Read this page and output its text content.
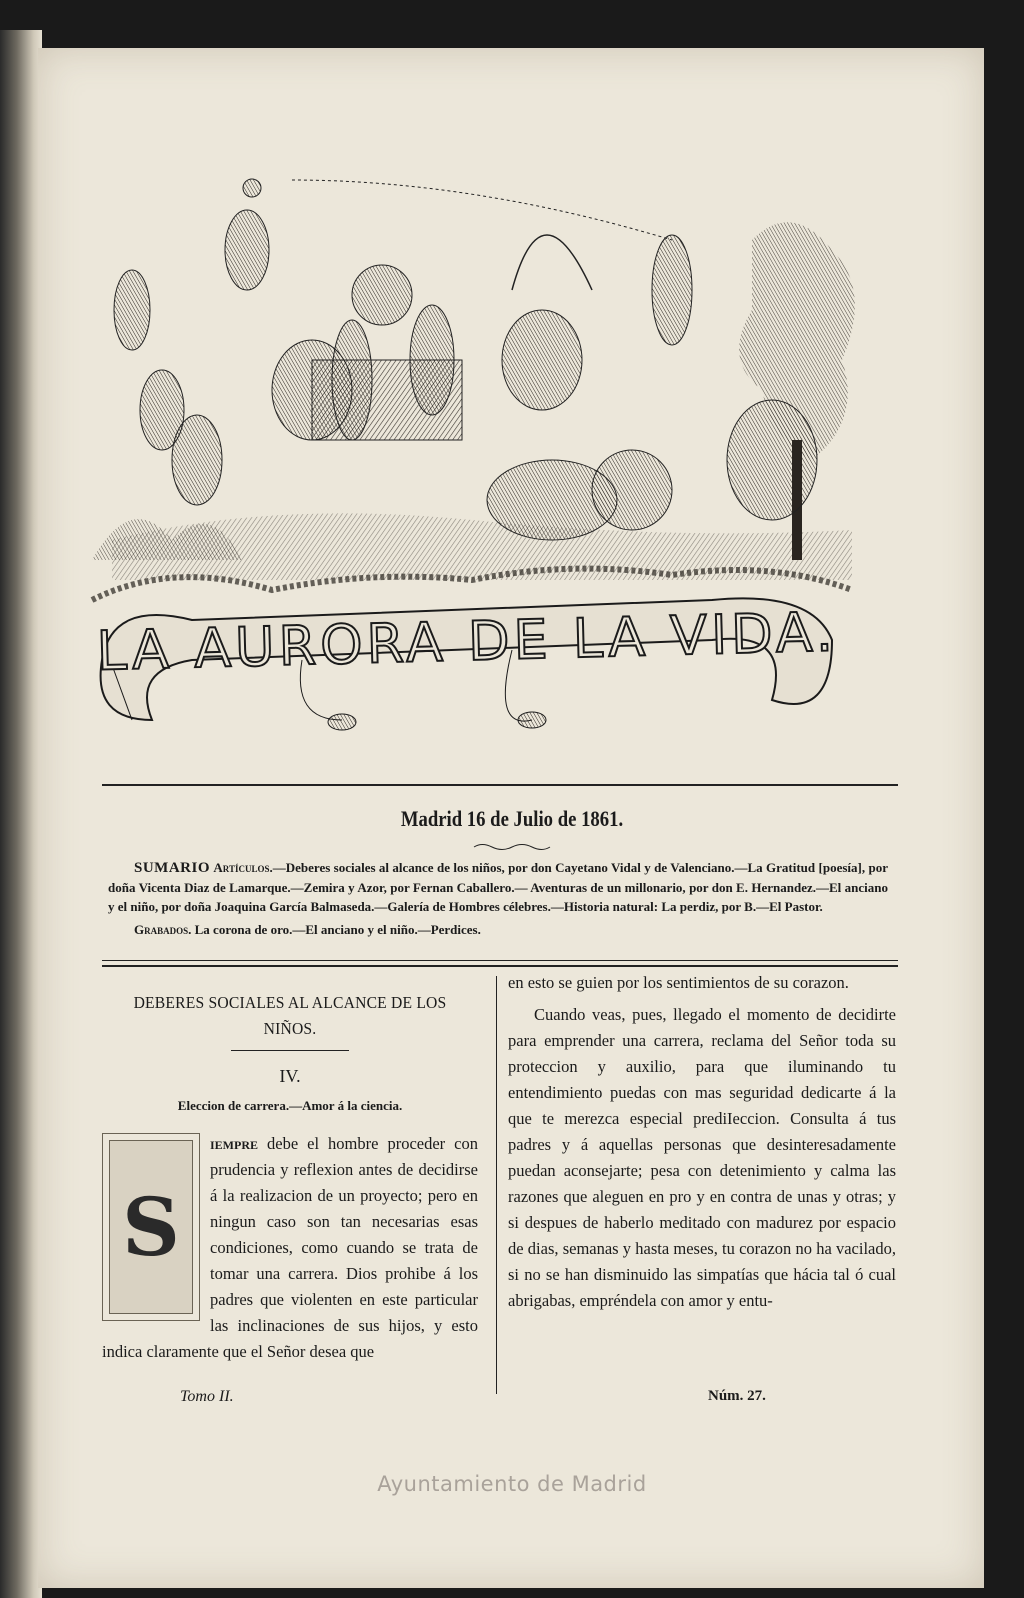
LA AURORA DE LA VIDA.
Madrid 16 de Julio de 1861.
SUMARIO Artículos.—Deberes sociales al alcance de los niños, por don Cayetano Vidal y de Valenciano.—La Gratitud [poesía], por doña Vicenta Diaz de Lamarque.—Zemira y Azor, por Fernan Caballero.— Aventuras de un millonario, por don E. Hernandez.—El anciano y el niño, por doña Joaquina García Balmaseda.—Galería de Hombres célebres.—Historia natural: La perdiz, por B.—El Pastor.
Grabados. La corona de oro.—El anciano y el niño.—Perdices.
DEBERES SOCIALES AL ALCANCE DE LOS NIÑOS.
IV.
Eleccion de carrera.—Amor á la ciencia.
S
iempre debe el hombre proceder con prudencia y reflexion antes de decidirse á la realizacion de un proyecto; pero en ningun caso son tan necesarias esas condiciones, como cuando se trata de tomar una carrera. Dios prohibe á los padres que violenten en este particular las inclinaciones de sus hijos, y esto indica claramente que el Señor desea que

en esto se guien por los sentimientos de su corazon.

Cuando veas, pues, llegado el momento de decidirte para emprender una carrera, reclama del Señor toda su proteccion y auxilio, para que iluminando tu entendimiento puedas con mas seguridad dedicarte á la que te merezca especial prediIeccion. Consulta á tus padres y á aquellas personas que desinteresadamente puedan aconsejarte; pesa con detenimiento y calma las razones que aleguen en pro y en contra de unas y otras; y si despues de haberlo meditado con madurez por espacio de dias, semanas y hasta meses, tu corazon no ha vacilado, si no se han disminuido las simpatías que hácia tal ó cual abrigabas, empréndela con amor y entu-

Tomo II.	Núm. 27.
Ayuntamiento de Madrid
